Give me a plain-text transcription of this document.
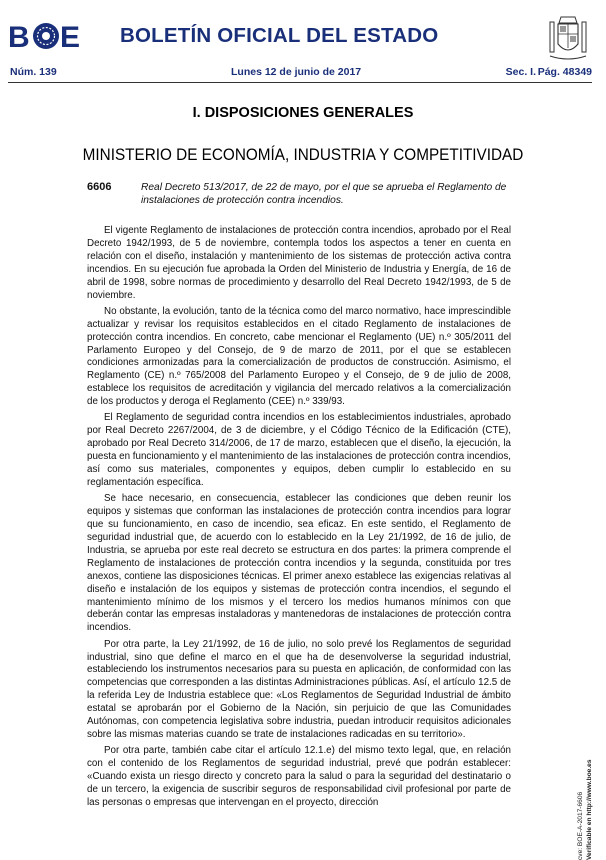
B E BOLETÍN OFICIAL DEL ESTADO
Núm. 139	Lunes 12 de junio de 2017	Sec. I. Pág. 48349
I. DISPOSICIONES GENERALES
MINISTERIO DE ECONOMÍA, INDUSTRIA Y COMPETITIVIDAD
6606	Real Decreto 513/2017, de 22 de mayo, por el que se aprueba el Reglamento de instalaciones de protección contra incendios.

El vigente Reglamento de instalaciones de protección contra incendios, aprobado por el Real Decreto 1942/1993, de 5 de noviembre, contempla todos los aspectos a tener en cuenta en relación con el diseño, instalación y mantenimiento de los sistemas de protección activa contra incendios. En su ejecución fue aprobada la Orden del Ministerio de Industria y Energía, de 16 de abril de 1998, sobre normas de procedimiento y desarrollo del Real Decreto 1942/1993, de 5 de noviembre.

No obstante, la evolución, tanto de la técnica como del marco normativo, hace imprescindible actualizar y revisar los requisitos establecidos en el citado Reglamento de instalaciones de protección contra incendios. En concreto, cabe mencionar el Reglamento (UE) n.º 305/2011 del Parlamento Europeo y del Consejo, de 9 de marzo de 2011, por el que se establecen condiciones armonizadas para la comercialización de productos de construcción. Asimismo, el Reglamento (CE) n.º 765/2008 del Parlamento Europeo y el Consejo, de 9 de julio de 2008, establece los requisitos de acreditación y vigilancia del mercado relativos a la comercialización de los productos y deroga el Reglamento (CEE) n.º 339/93.

El Reglamento de seguridad contra incendios en los establecimientos industriales, aprobado por Real Decreto 2267/2004, de 3 de diciembre, y el Código Técnico de la Edificación (CTE), aprobado por Real Decreto 314/2006, de 17 de marzo, establecen que el diseño, la ejecución, la puesta en funcionamiento y el mantenimiento de las instalaciones de protección contra incendios, así como sus materiales, componentes y equipos, deben cumplir lo establecido en su reglamentación específica.

Se hace necesario, en consecuencia, establecer las condiciones que deben reunir los equipos y sistemas que conforman las instalaciones de protección contra incendios para lograr que su funcionamiento, en caso de incendio, sea eficaz. En este sentido, el Reglamento de seguridad industrial que, de acuerdo con lo establecido en la Ley 21/1992, de 16 de julio, de Industria, se aprueba por este real decreto se estructura en dos partes: la primera comprende el Reglamento de instalaciones de protección contra incendios y la segunda, constituida por tres anexos, contiene las disposiciones técnicas. El primer anexo establece las exigencias relativas al diseño e instalación de los equipos y sistemas de protección contra incendios, el segundo el mantenimiento mínimo de los mismos y el tercero los medios humanos mínimos con que deberán contar las empresas instaladoras y mantenedoras de instalaciones de protección contra incendios.

Por otra parte, la Ley 21/1992, de 16 de julio, no solo prevé los Reglamentos de seguridad industrial, sino que define el marco en el que ha de desenvolverse la seguridad industrial, estableciendo los instrumentos necesarios para su puesta en aplicación, de conformidad con las competencias que corresponden a las distintas Administraciones públicas. Así, el artículo 12.5 de la referida Ley de Industria establece que: «Los Reglamentos de Seguridad Industrial de ámbito estatal se aprobarán por el Gobierno de la Nación, sin perjuicio de que las Comunidades Autónomas, con competencia legislativa sobre industria, puedan introducir requisitos adicionales sobre las mismas materias cuando se trate de instalaciones radicadas en su territorio».

Por otra parte, también cabe citar el artículo 12.1.e) del mismo texto legal, que, en relación con el contenido de los Reglamentos de seguridad industrial, prevé que podrán establecer: «Cuando exista un riesgo directo y concreto para la salud o para la seguridad del destinatario o de un tercero, la exigencia de suscribir seguros de responsabilidad civil profesional por parte de las personas o empresas que intervengan en el proyecto, dirección	cve: BOE-A-2017-6606 Verificable en http://www.boe.es
